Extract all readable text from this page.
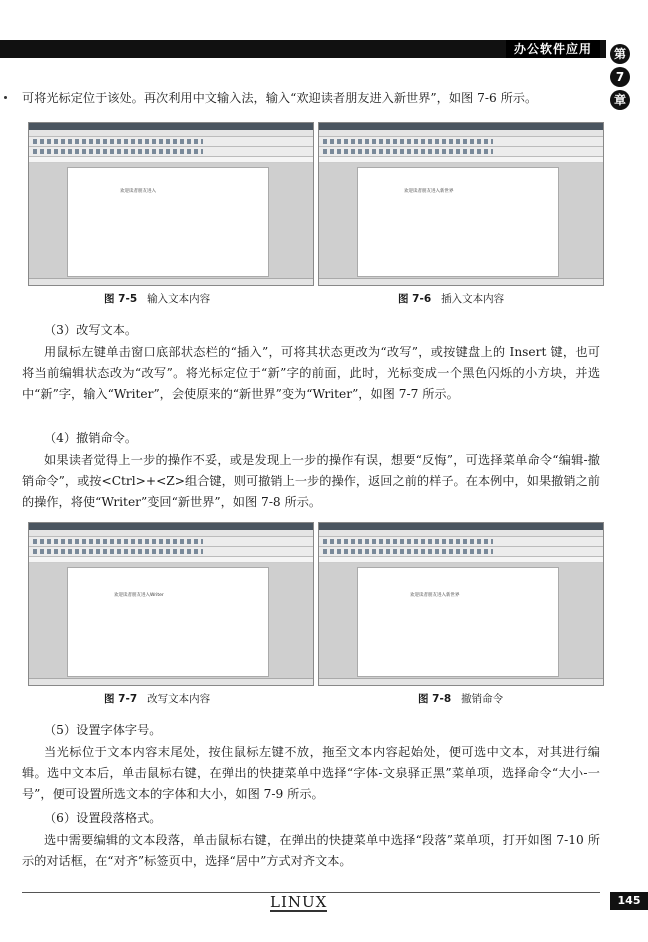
办公软件应用	第
7
章

可将光标定位于该处。再次利用中文输入法，输入“欢迎读者朋友进入新世界”，如图 7-6 所示。

欢迎读者朋友进入	欢迎读者朋友进入新世界
图 7-5 输入文本内容	图 7-6 插入文本内容

（3）改写文本。

用鼠标左键单击窗口底部状态栏的“插入”，可将其状态更改为“改写”，或按键盘上的 Insert 键，也可将当前编辑状态改为“改写”。将光标定位于“新”字的前面，此时，光标变成一个黑色闪烁的小方块，并选中“新”字，输入“Writer”，会使原来的“新世界”变为“Writer”，如图 7-7 所示。

（4）撤销命令。

如果读者觉得上一步的操作不妥，或是发现上一步的操作有误，想要“反悔”，可选择菜单命令“编辑-撤销命令”，或按<Ctrl>+<Z>组合键，则可撤销上一步的操作，返回之前的样子。在本例中，如果撤销之前的操作，将使“Writer”变回“新世界”，如图 7-8 所示。

欢迎读者朋友进入Writer	欢迎读者朋友进入新世界
图 7-7 改写文本内容	图 7-8 撤销命令

（5）设置字体字号。

当光标位于文本内容末尾处，按住鼠标左键不放，拖至文本内容起始处，便可选中文本，对其进行编辑。选中文本后，单击鼠标右键，在弹出的快捷菜单中选择“字体-文泉驿正黑”菜单项，选择命令“大小-一号”，便可设置所选文本的字体和大小，如图 7-9 所示。

（6）设置段落格式。

选中需要编辑的文本段落，单击鼠标右键，在弹出的快捷菜单中选择“段落”菜单项，打开如图 7-10 所示的对话框，在“对齐”标签页中，选择“居中”方式对齐文本。

LINUX	145
